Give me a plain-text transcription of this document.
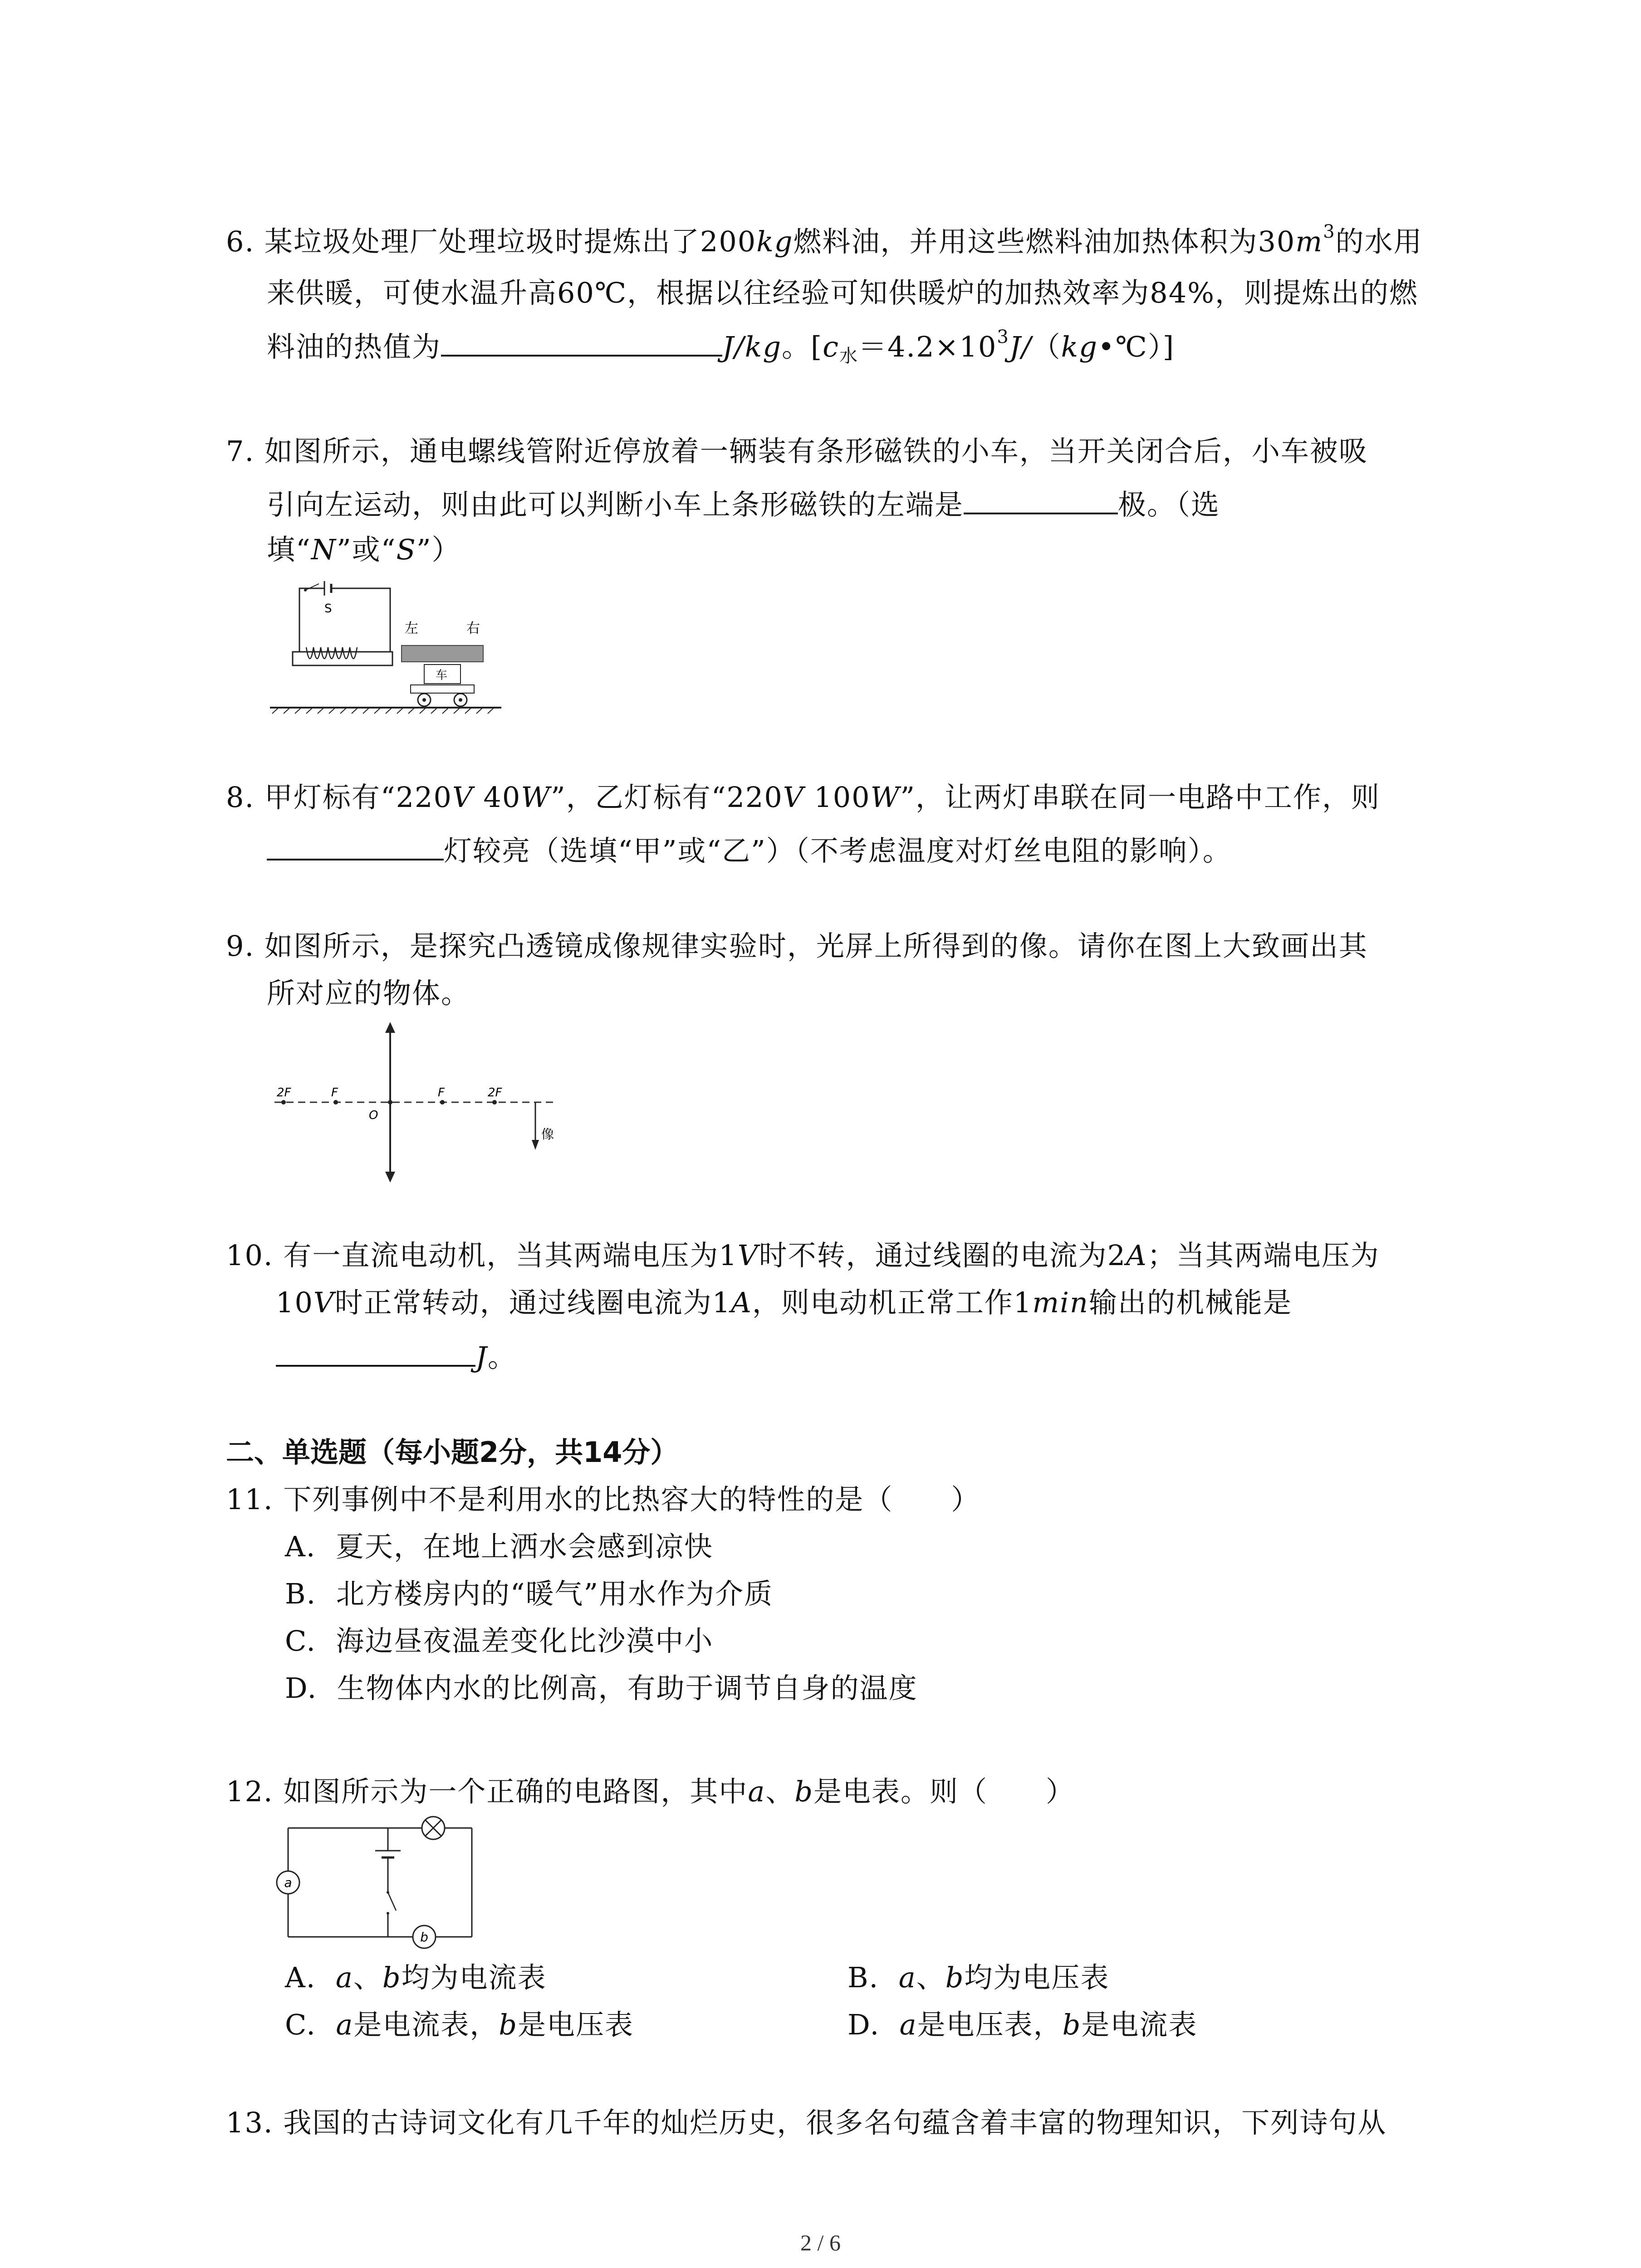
6. 某垃圾处理厂处理垃圾时提炼出了200kg燃料油，并用这些燃料油加热体积为$30m^3$的水用
来供暖，可使水温升高60℃，根据以往经验可知供暖炉的加热效率为84%，则提炼出的燃
料油的热值为	J/kg。$[c_水=4.2\times 10^3J/(kg•℃)]$
7. 如图所示，通电螺线管附近停放着一辆装有条形磁铁的小车，当开关闭合后，小车被吸
引向左运动，则由此可以判断小车上条形磁铁的左端是	极。（选
填“N”或“S”）
S
左	右
车
8. 甲灯标有“220V 40W”，乙灯标有“220V 100W”，让两灯串联在同一电路中工作，则
灯较亮（选填“甲”或“乙”）（不考虑温度对灯丝电阻的影响）。
9. 如图所示，是探究凸透镜成像规律实验时，光屏上所得到的像。请你在图上大致画出其
所对应的物体。
2F	F
O
F	2F
像
10. 有一直流电动机，当其两端电压为1V时不转，通过线圈的电流为2A；当其两端电压为
10V时正常转动，通过线圈电流为1A，则电动机正常工作1min输出的机械能是
J。
二、单选题（每小题2分，共14分）
11. 下列事例中不是利用水的比热容大的特性的是（　　）
A. 夏天，在地上洒水会感到凉快
B. 北方楼房内的“暖气”用水作为介质
C. 海边昼夜温差变化比沙漠中小
D. 生物体内水的比例高，有助于调节自身的温度
12. 如图所示为一个正确的电路图，其中a、b是电表。则（　　）
a
b
A. a、b均为电流表	B. a、b均为电压表
C. a是电流表，b是电压表	D. a是电压表，b是电流表
13. 我国的古诗词文化有几千年的灿烂历史，很多名句蕴含着丰富的物理知识，下列诗句从
2 / 6
